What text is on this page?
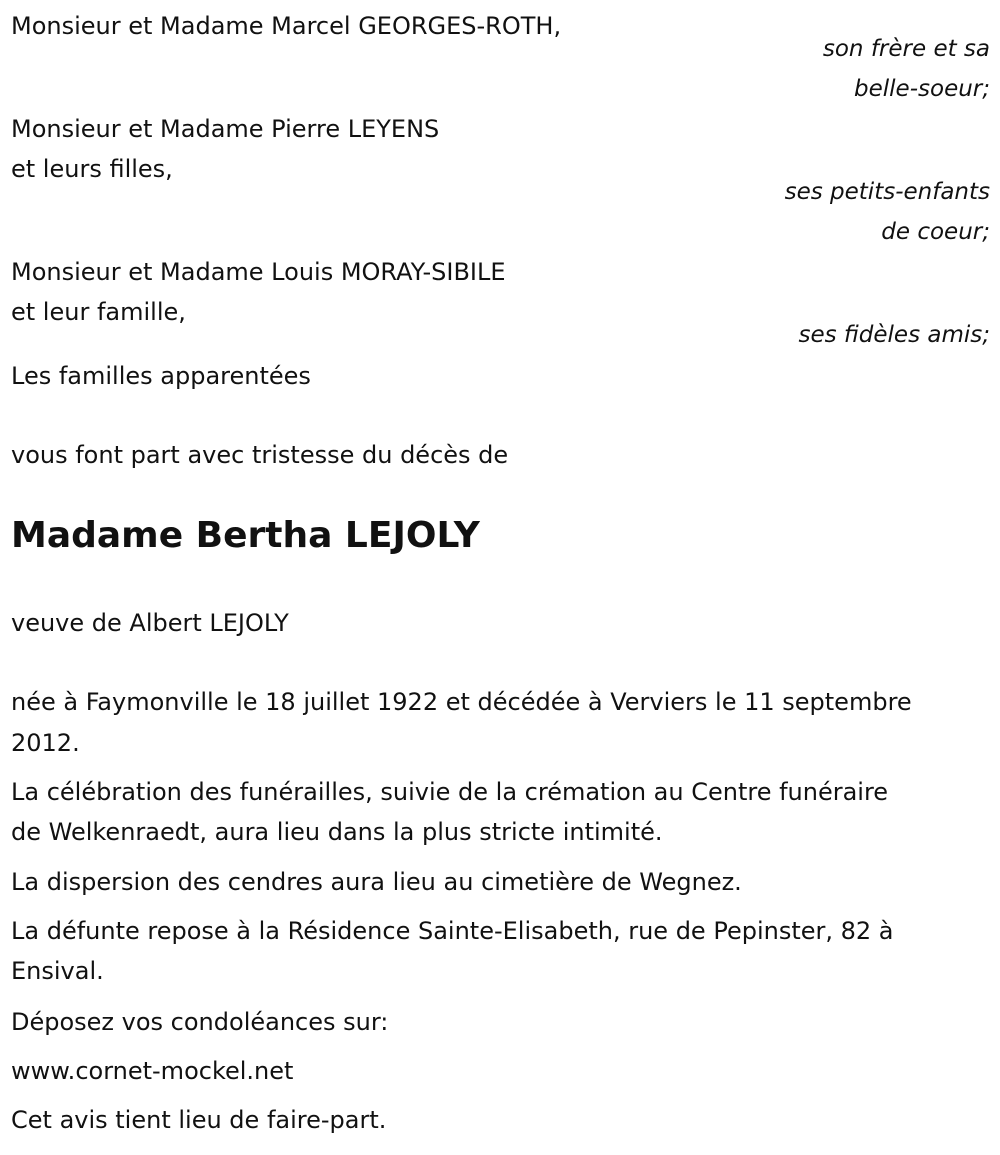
Monsieur et Madame Marcel GEORGES-ROTH,
son frère et sa
belle-soeur;
Monsieur et Madame Pierre LEYENS
et leurs filles,
ses petits-enfants
de coeur;
Monsieur et Madame Louis MORAY-SIBILE
et leur famille,
ses fidèles amis;
Les familles apparentées
vous font part avec tristesse du décès de
Madame Bertha LEJOLY
veuve de Albert LEJOLY
née à Faymonville le 18 juillet 1922 et décédée à Verviers le 11 septembre
2012.
La célébration des funérailles, suivie de la crémation au Centre funéraire
de Welkenraedt, aura lieu dans la plus stricte intimité.
La dispersion des cendres aura lieu au cimetière de Wegnez.
La défunte repose à la Résidence Sainte-Elisabeth, rue de Pepinster, 82 à
Ensival.
Déposez vos condoléances sur:
www.cornet-mockel.net
Cet avis tient lieu de faire-part.
